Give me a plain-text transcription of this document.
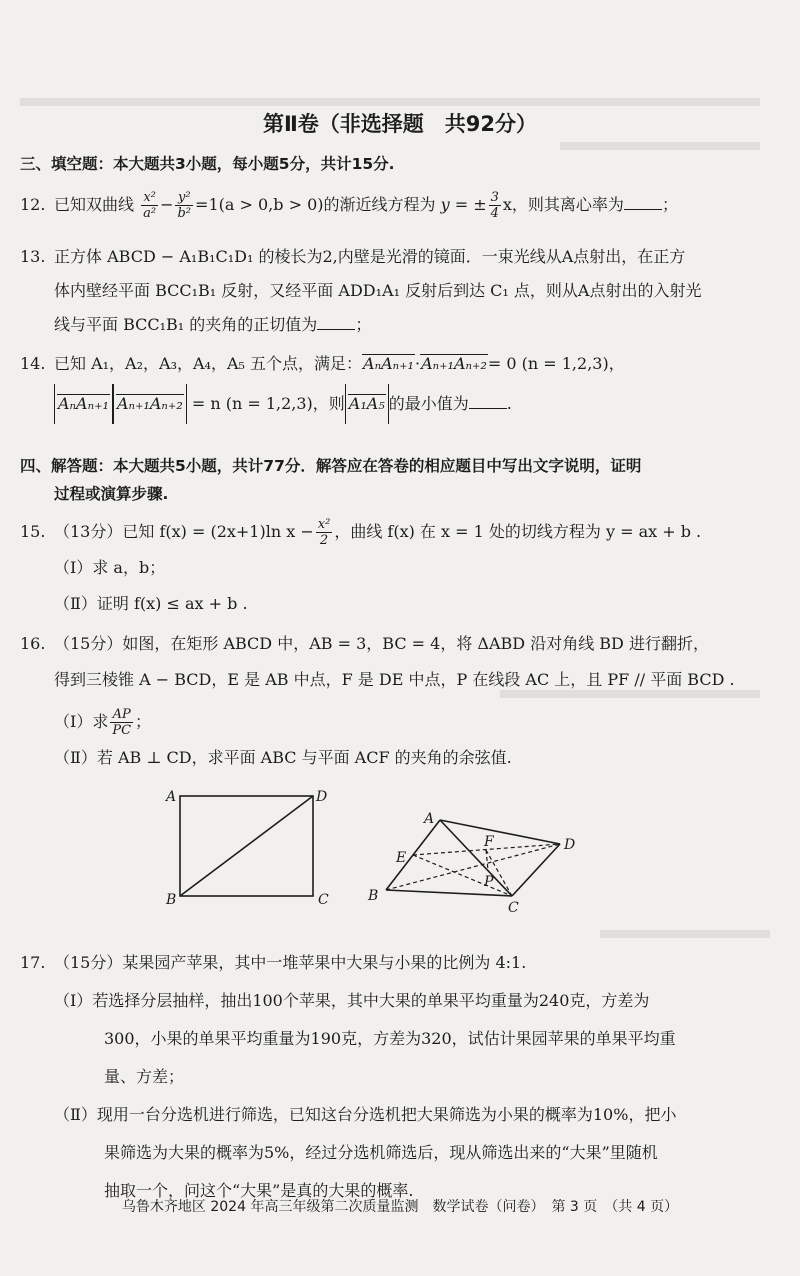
第Ⅱ卷（非选择题　共92分）
三、填空题：本大题共3小题，每小题5分，共计15分.
12. 已知双曲线 $\frac{\text{x²}}{\text{a²}} - \frac{\text{y²}}{\text{b²}} =1(a > 0,b > 0)$的渐近线方程为 y = ± $\frac{3}{4}$ x，则其离心率为 ；
13. 正方体 ABCD − A₁B₁C₁D₁ 的棱长为2,内壁是光滑的镜面．一束光线从A点射出，在正方
体内壁经平面 BCC₁B₁ 反射，又经平面 ADD₁A₁ 反射后到达 C₁ 点，则从A点射出的入射光
线与平面 BCC₁B₁ 的夹角的正切值为 ；
14. 已知 A₁，A₂，A₃，A₄，A₅ 五个点，满足：AₙAₙ₊₁·Aₙ₊₁Aₙ₊₂= 0 (n = 1,2,3)，
AₙAₙ₊₁ Aₙ₊₁Aₙ₊₂ = n (n = 1,2,3)，则 A₁A₅ 的最小值为 .
四、解答题：本大题共5小题，共计77分．解答应在答卷的相应题目中写出文字说明，证明
过程或演算步骤.
15. （13分）已知 f(x) = (2x+1)ln $x - \frac{\text{x²}}{2}$ ，曲线 f(x) 在 x = 1 处的切线方程为 y = ax + b .
（Ⅰ）求 a，b；
（Ⅱ）证明 f(x) ≤ ax + b .
16. （15分）如图，在矩形 ABCD 中，AB = 3，BC = 4，将 ΔABD 沿对角线 BD 进行翻折，
得到三棱锥 A − BCD，E 是 AB 中点，F 是 DE 中点，P 在线段 AC 上，且 PF // 平面 BCD .
（Ⅰ）求 $\frac{AP}{PC}$ ；
（Ⅱ）若 AB ⊥ CD，求平面 ABC 与平面 ACF 的夹角的余弦值.
A
B	C
D
A
B
C
D
E
F
P
17. （15分）某果园产苹果，其中一堆苹果中大果与小果的比例为 4:1.
（Ⅰ）若选择分层抽样，抽出100个苹果，其中大果的单果平均重量为240克，方差为
300，小果的单果平均重量为190克，方差为320，试估计果园苹果的单果平均重
量、方差；
（Ⅱ）现用一台分选机进行筛选，已知这台分选机把大果筛选为小果的概率为10%，把小
果筛选为大果的概率为5%，经过分选机筛选后，现从筛选出来的“大果”里随机
抽取一个，问这个“大果”是真的大果的概率.
乌鲁木齐地区 2024 年高三年级第二次质量监测　数学试卷（问卷）　第 3 页　（共 4 页）
